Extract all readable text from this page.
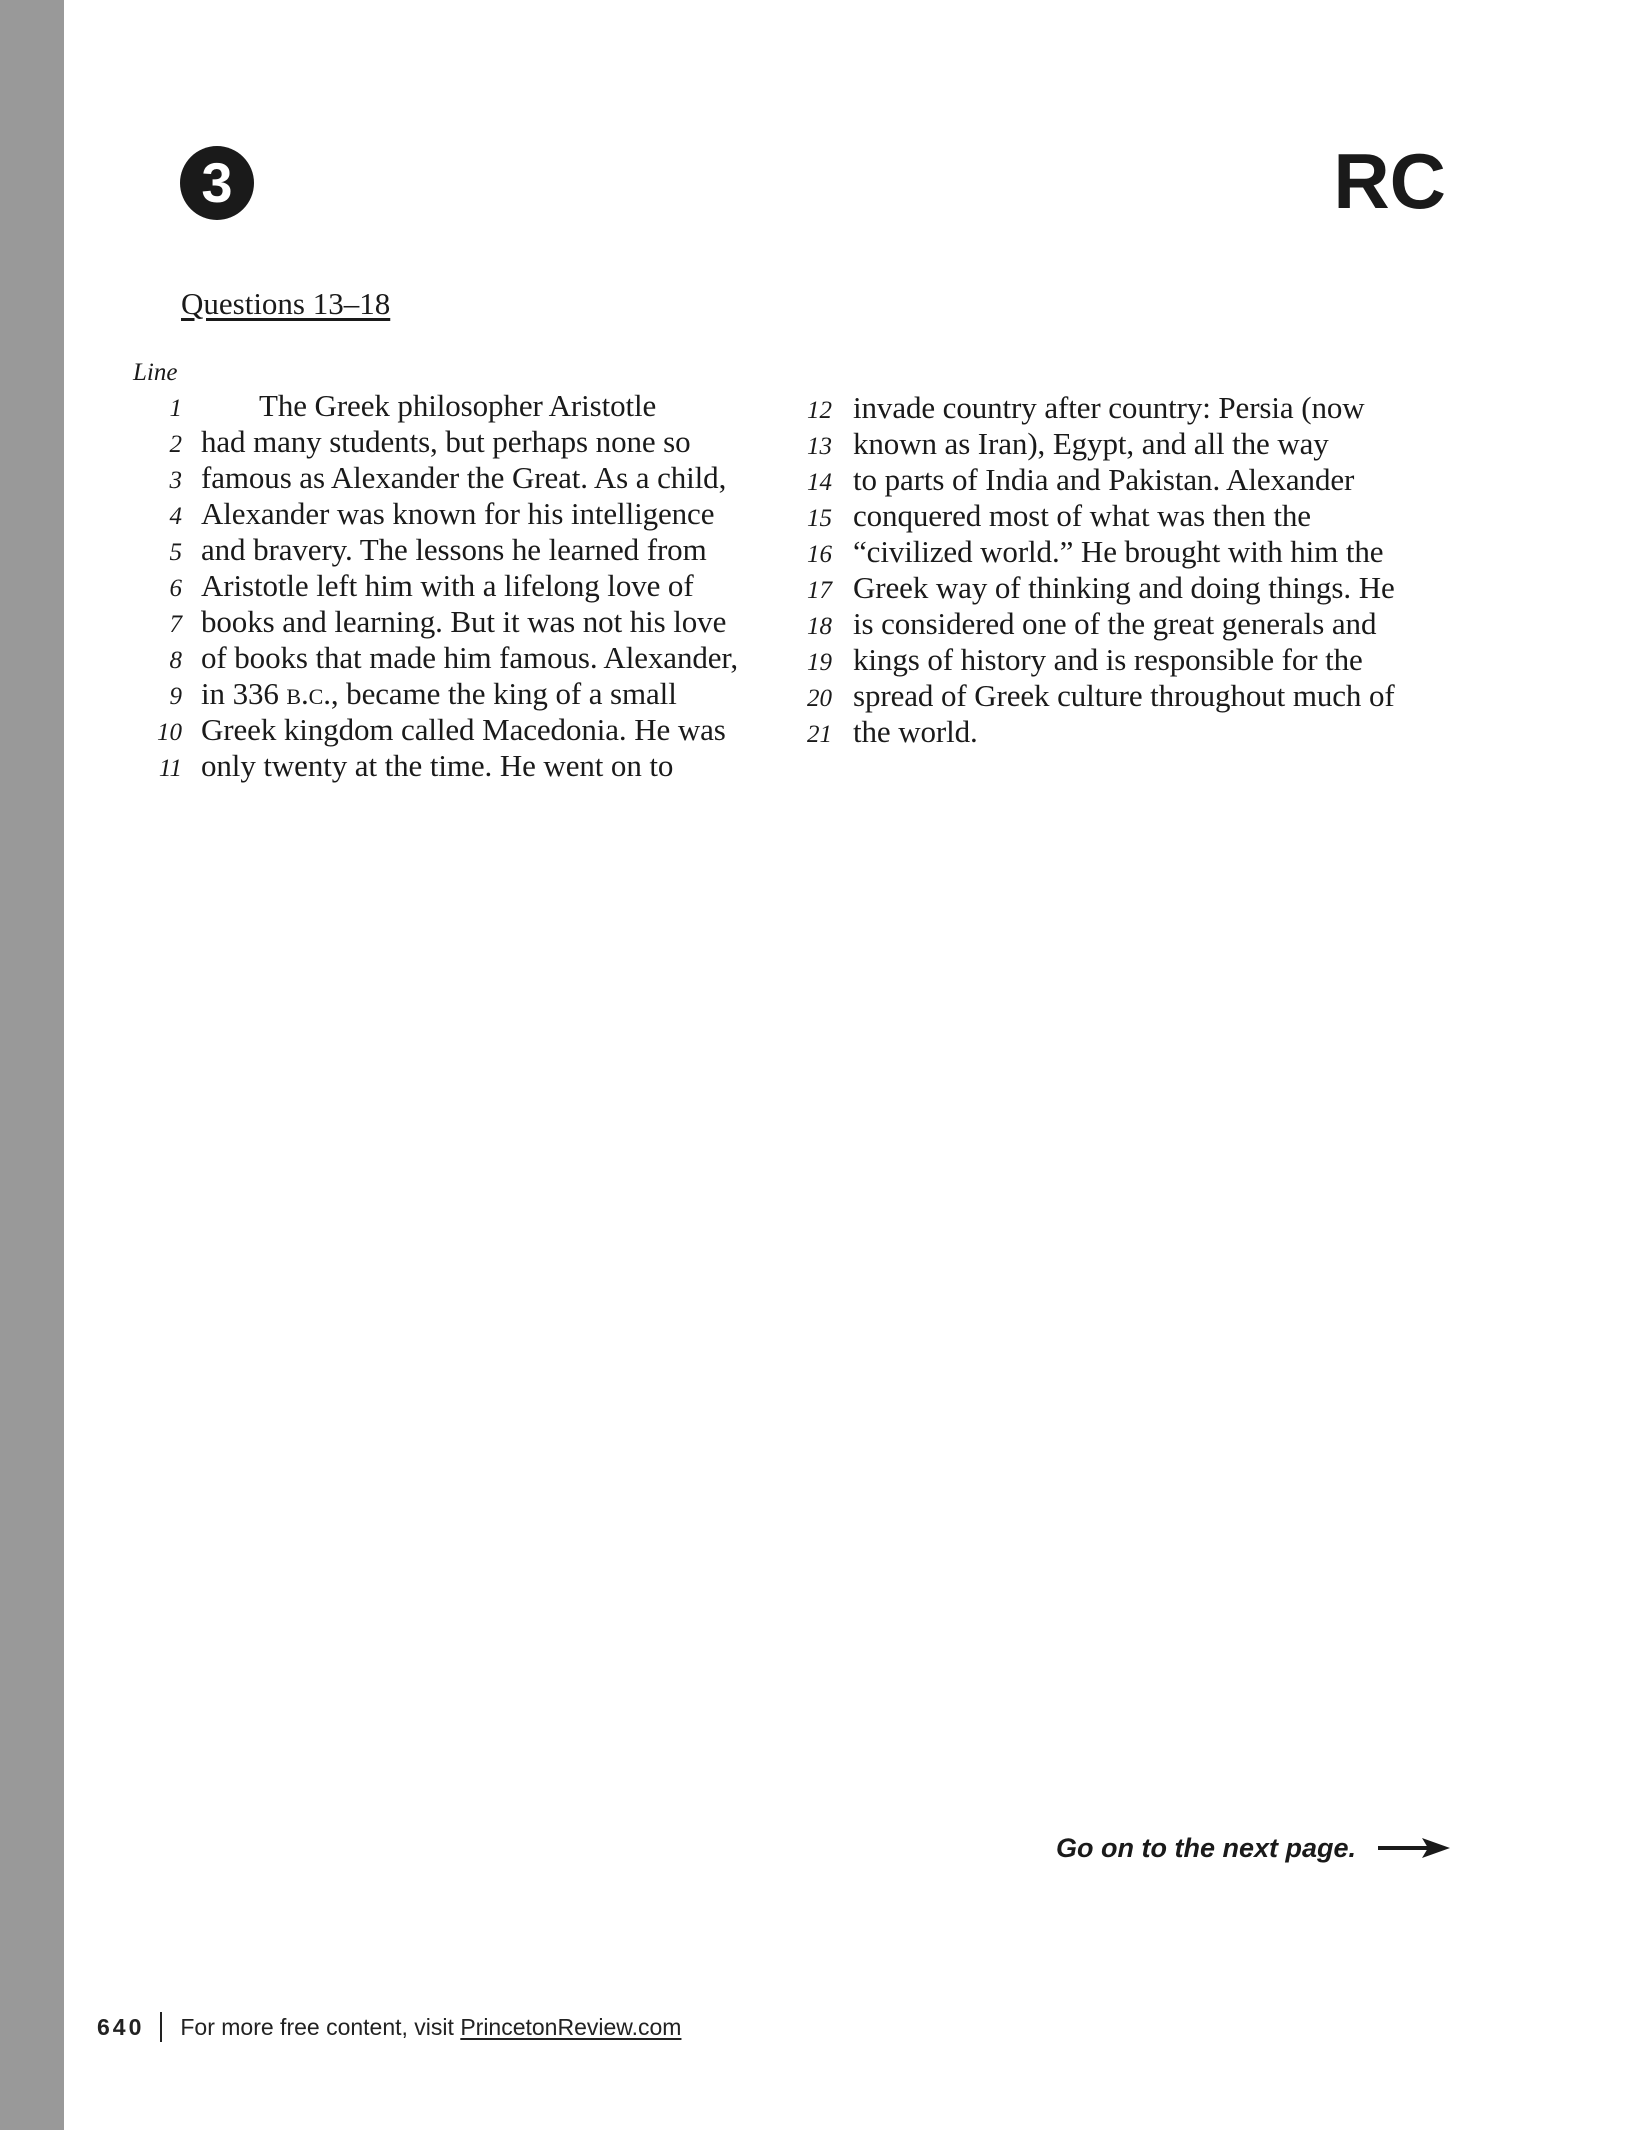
3	RC
Questions 13–18
Line
1	The Greek philosopher Aristotle
2 had many students, but perhaps none so
3 famous as Alexander the Great. As a child,
4 Alexander was known for his intelligence
5 and bravery. The lessons he learned from
6 Aristotle left him with a lifelong love of
7 books and learning. But it was not his love
8 of books that made him famous. Alexander,
9 in 336 b.c., became the king of a small
10 Greek kingdom called Macedonia. He was
11 only twenty at the time. He went on to
12 invade country after country: Persia (now
13 known as Iran), Egypt, and all the way
14 to parts of India and Pakistan. Alexander
15 conquered most of what was then the
16 “civilized world.” He brought with him the
17 Greek way of thinking and doing things. He
18 is considered one of the great generals and
19 kings of history and is responsible for the
20 spread of Greek culture throughout much of
21 the world.
Go on to the next page.
640 For more free content, visit PrincetonReview.com
